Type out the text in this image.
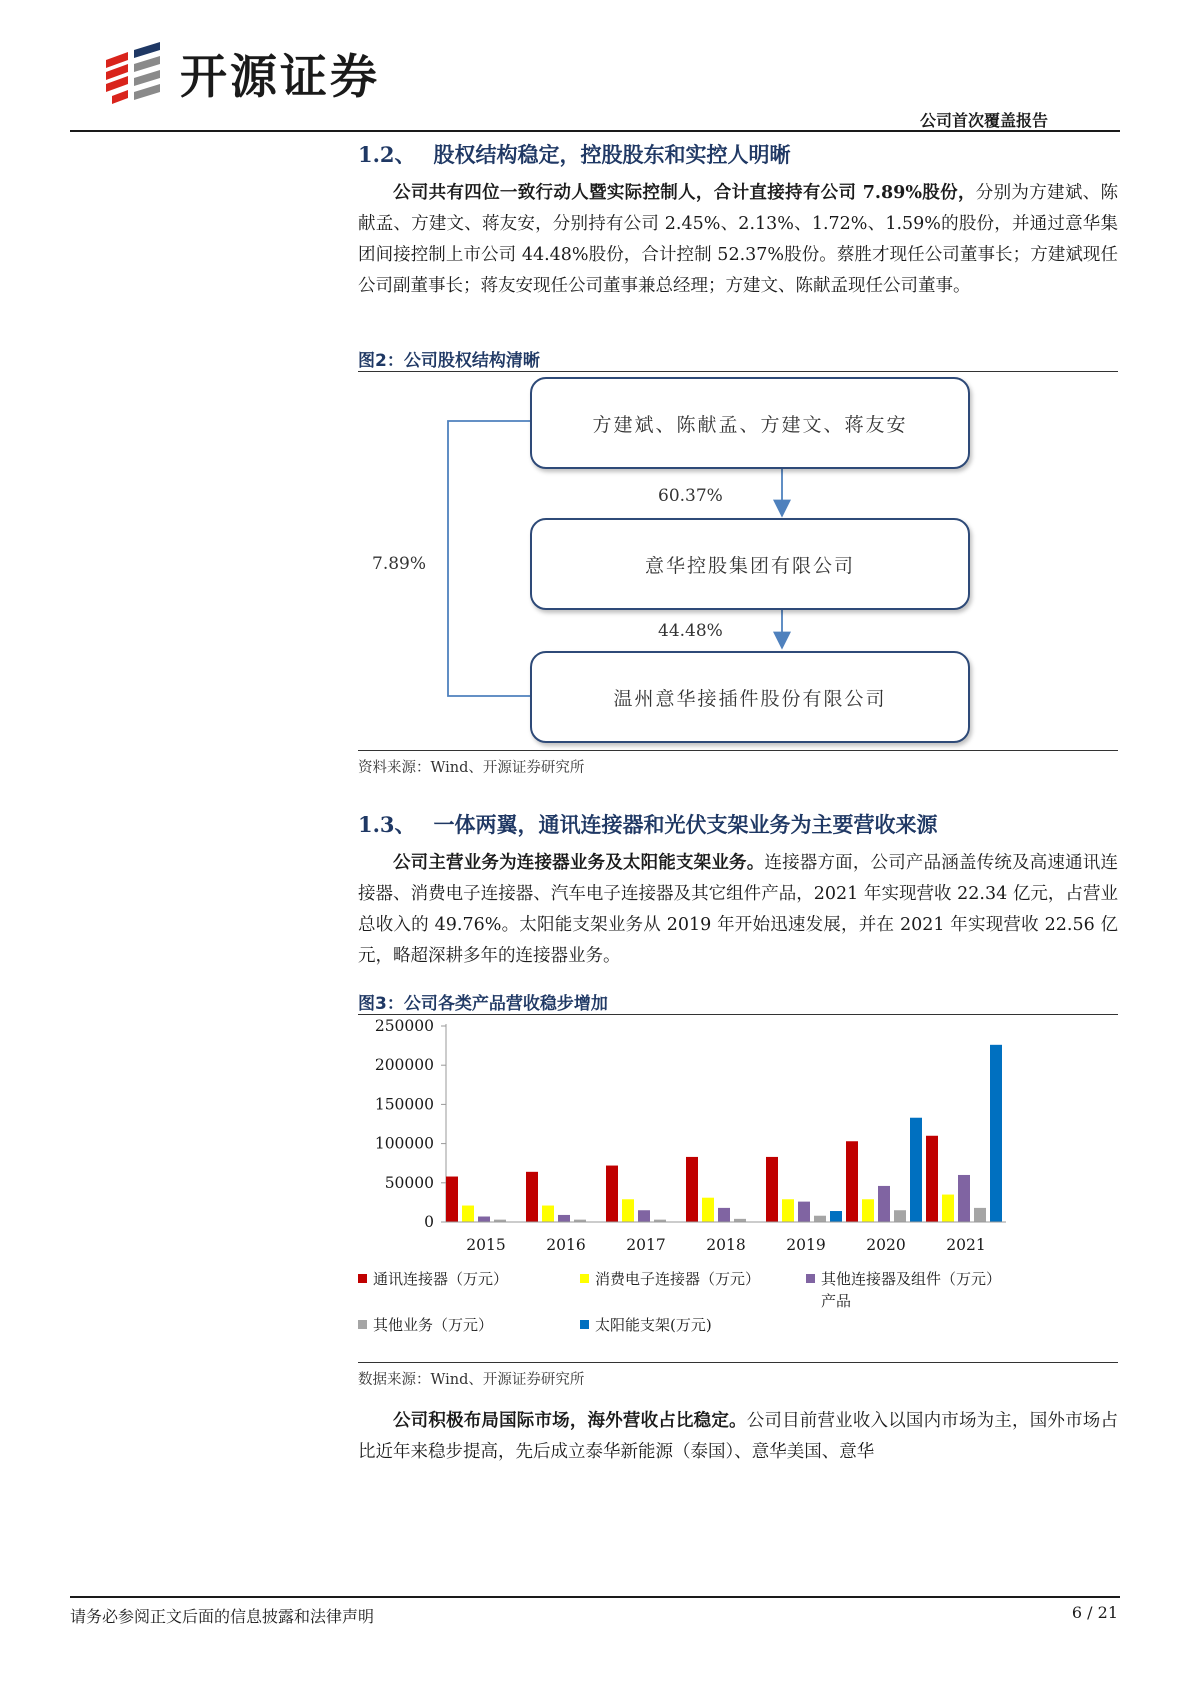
开源证券
公司首次覆盖报告
1.2、 股权结构稳定，控股股东和实控人明晰

公司共有四位一致行动人暨实际控制人，合计直接持有公司 7.89%股份，分别为方建斌、陈献孟、方建文、蒋友安，分别持有公司 2.45%、2.13%、1.72%、1.59%的股份，并通过意华集团间接控制上市公司 44.48%股份，合计控制 52.37%股份。蔡胜才现任公司董事长；方建斌现任公司副董事长；蒋友安现任公司董事兼总经理；方建文、陈献孟现任公司董事。

图2：公司股权结构清晰
方建斌、陈献孟、方建文、蒋友安
意华控股集团有限公司
温州意华接插件股份有限公司
60.37%
44.48%
7.89%
资料来源：Wind、开源证券研究所
1.3、 一体两翼，通讯连接器和光伏支架业务为主要营收来源

公司主营业务为连接器业务及太阳能支架业务。连接器方面，公司产品涵盖传统及高速通讯连接器、消费电子连接器、汽车电子连接器及其它组件产品，2021 年实现营收 22.34 亿元，占营业总收入的 49.76%。太阳能支架业务从 2019 年开始迅速发展，并在 2021 年实现营收 22.56 亿元，略超深耕多年的连接器业务。

图3：公司各类产品营收稳步增加
0
50000
100000
150000
200000
250000
2015	2016	2017	2018	2019	2020	2021
通讯连接器（万元）	消费电子连接器（万元）	其他连接器及组件（万元）
产品
其他业务（万元）	太阳能支架(万元)
数据来源：Wind、开源证券研究所

公司积极布局国际市场，海外营收占比稳定。公司目前营业收入以国内市场为主，国外市场占比近年来稳步提高，先后成立泰华新能源（泰国）、意华美国、意华

请务必参阅正文后面的信息披露和法律声明	6 / 21
